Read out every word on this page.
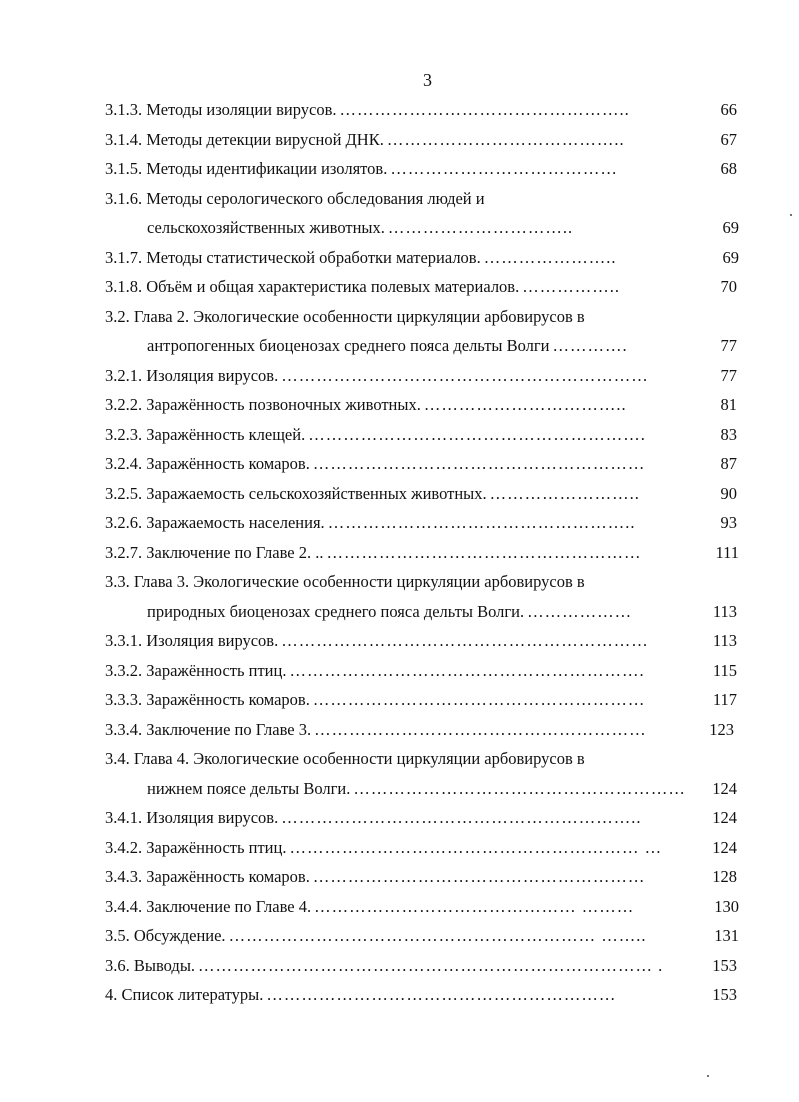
3
3.1.3. Методы изоляции вирусов. …………………………………………..	66
3.1.4. Методы детекции вирусной ДНК. …………………………………..	67
3.1.5. Методы идентификации изолятов. …………………………………	68
3.1.6. Методы серологического обследования людей и
сельскохозяйственных животных. …………………………..	69
3.1.7. Методы статистической обработки материалов. …………………..	69
3.1.8. Объём и общая характеристика полевых материалов. ……………..	70
3.2. Глава 2. Экологические особенности циркуляции арбовирусов в
антропогенных биоценозах среднего пояса дельты Волги ………….	77
3.2.1. Изоляция вирусов. ………………………………………………………	77
3.2.2. Заражённость позвоночных животных. ……………………………..	81
3.2.3. Заражённость клещей. ………………………………………………….	83
3.2.4. Заражённость комаров. …………………………………………………	87
3.2.5. Заражаемость сельскохозяйственных животных. ……………………..	90
3.2.6. Заражаемость населения. ……………………………………………..	93
3.2.7. Заключение по Главе 2. .. ………………………………………………	111
3.3. Глава 3. Экологические особенности циркуляции арбовирусов в
природных биоценозах среднего пояса дельты Волги. ………………	113
3.3.1. Изоляция вирусов. ………………………………………………………	113
3.3.2. Заражённость птиц. …………………………………………………….	115
3.3.3. Заражённость комаров. …………………………………………………	117
3.3.4. Заключение по Главе 3. …………………………………………………	123
3.4. Глава 4. Экологические особенности циркуляции арбовирусов в
нижнем поясе дельты Волги. …………………………………………………	124
3.4.1. Изоляция вирусов. ……………………………………………………..	124
3.4.2. Заражённость птиц. …………………………………………………… …	124
3.4.3. Заражённость комаров. …………………………………………………	128
3.4.4. Заключение по Главе 4. ……………………………………… ………	130
3.5. Обсуждение. ……………………………………………………… ……..	131
3.6. Выводы. …………………………………………………………………… .	153
4. Список литературы. ……………………………………………………	153
